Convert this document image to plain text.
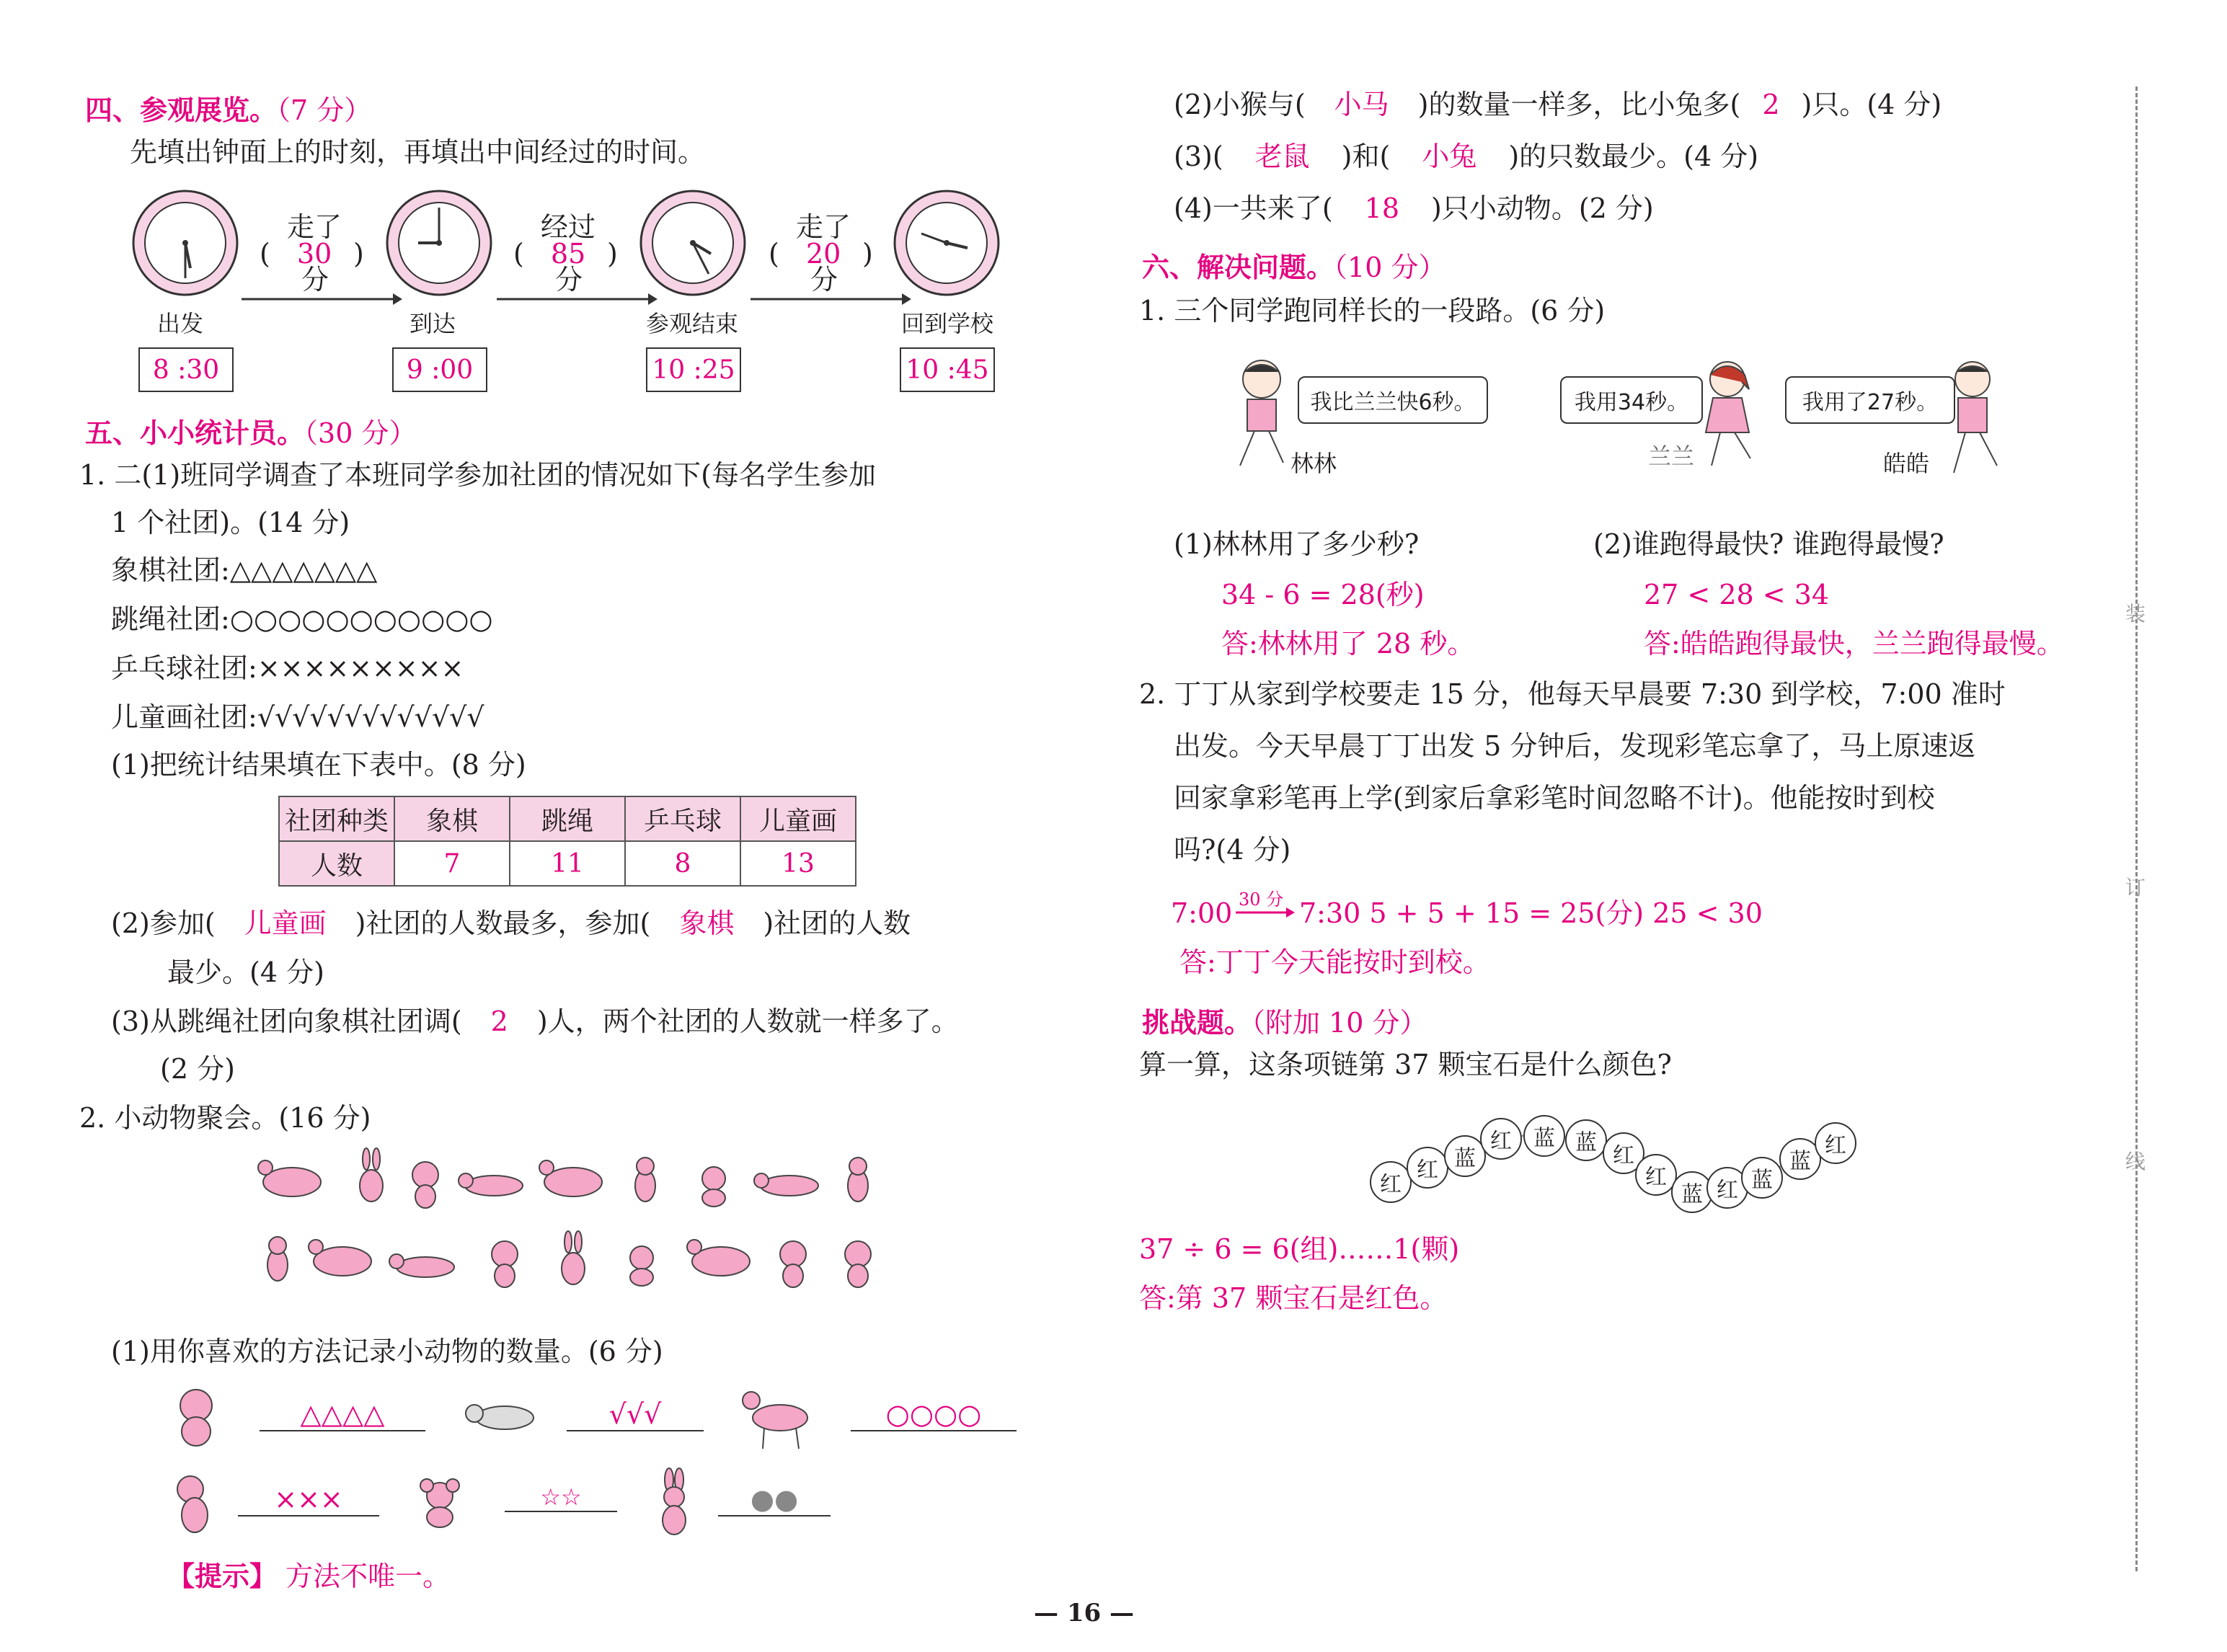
四、参观展览。（7 分）
先填出钟面上的时刻，再填出中间经过的时间。
走了
( 30 )
分
经过
( 85 )
分
走了
( 20 )
分
出发	到达	参观结束	回到学校
8 :30	9 :00	10 :25	10 :45
五、小小统计员。（30 分）
1. 二(1)班同学调查了本班同学参加社团的情况如下(每名学生参加
1 个社团)。(14 分)
象棋社团:△△△△△△△
跳绳社团:○○○○○○○○○○○
乒乓球社团:×××××××××
儿童画社团:√√√√√√√√√√√√√
(1)把统计结果填在下表中。(8 分)
社团种类	象棋	跳绳	乒乓球	儿童画
人数	7	11	8	13
(2)参加( 儿童画 )社团的人数最多，参加( 象棋 )社团的人数
最少。(4 分)
(3)从跳绳社团向象棋社团调( 2 )人，两个社团的人数就一样多了。
(2 分)
2. 小动物聚会。(16 分)
(1)用你喜欢的方法记录小动物的数量。(6 分)
△△△△	√√√	○○○○
×××	☆☆	●●
【提示】 方法不唯一。
(2)小猴与( 小马 )的数量一样多，比小兔多( 2 )只。(4 分)
(3)( 老鼠 )和( 小兔 )的只数最少。(4 分)
(4)一共来了( 18 )只小动物。(2 分)
六、解决问题。（10 分）
1. 三个同学跑同样长的一段路。(6 分)
我比兰兰快6秒。
林林
我用34秒。
兰兰
我用了27秒。
皓皓
(1)林林用了多少秒?
34 - 6 = 28(秒)
答:林林用了 28 秒。
(2)谁跑得最快? 谁跑得最慢?
27 < 28 < 34
答:皓皓跑得最快，兰兰跑得最慢。
2. 丁丁从家到学校要走 15 分，他每天早晨要 7:30 到学校，7:00 准时
出发。今天早晨丁丁出发 5 分钟后，发现彩笔忘拿了，马上原速返
回家拿彩笔再上学(到家后拿彩笔时间忽略不计)。他能按时到校
吗?(4 分)
7:00 30 分 7:30 5 + 5 + 15 = 25(分) 25 < 30
答:丁丁今天能按时到校。
挑战题。（附加 10 分）
算一算，这条项链第 37 颗宝石是什么颜色?
红
红 蓝
红	蓝 蓝
红
红
蓝 红 蓝
蓝
红
37 ÷ 6 = 6(组)……1(颗)
答:第 37 颗宝石是红色。
装
订
线
— 16 —
